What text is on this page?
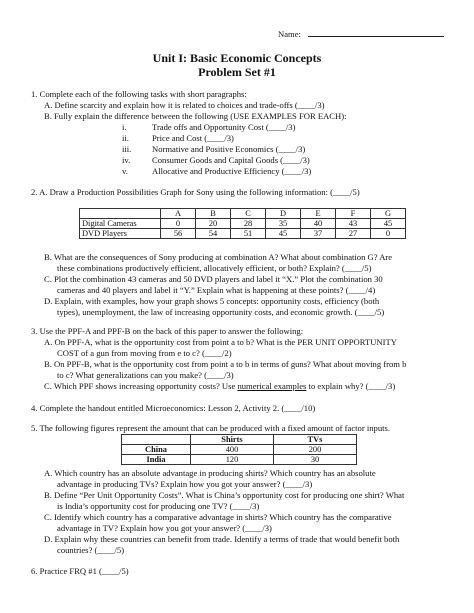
Name:
Unit I: Basic Economic Concepts
Problem Set #1
1. Complete each of the following tasks with short paragraphs:
A. Define scarcity and explain how it is related to choices and trade-offs (____/3)
B. Fully explain the difference between the following (USE EXAMPLES FOR EACH):
i.	Trade offs and Opportunity Cost (____/3)
ii.	Price and Cost (____/3)
iii. Normative and Positive Economics (____/3)
iv.	Consumer Goods and Capital Goods (____/3)
v.	Allocative and Productive Efficiency (____/3)
2. A. Draw a Production Possibilities Graph for Sony using the following information: (____/5)
	A	B	C	D	E	F	G
Digital Cameras	0	20	28	35	40	43	45
DVD Players	56	54	51	45	37	27	0
B. What are the consequences of Sony producing at combination A? What about combination G? Are
these combinations productively efficient, allocatively efficient, or both? Explain? (____/5)
C. Plot the combination 43 cameras and 50 DVD players and label it “X.” Plot the combination 30
cameras and 40 players and label it “Y.” Explain what is happening at these points? (____/4)
D. Explain, with examples, how your graph shows 5 concepts: opportunity costs, efficiency (both
types), unemployment, the law of increasing opportunity costs, and economic growth. (____/5)
3. Use the PPF-A and PPF-B on the back of this paper to answer the following:
A. On PPF-A, what is the opportunity cost from point a to b? What is the PER UNIT OPPORTUNITY
COST of a gun from moving from e to c? (____/2)
B. On PPF-B, what is the opportunity cost from point a to b in terms of guns? What about moving from b
to c? What generalizations can you make? (____/3)
C. Which PPF shows increasing opportunity costs? Use numerical examples to explain why? (____/3)
4. Complete the handout entitled Microeconomics: Lesson 2, Activity 2. (____/10)
5. The following figures represent the amount that can be produced with a fixed amount of factor inputs.
	Shirts	TVs
China	400	200
India	120	30
A. Which country has an absolute advantage in producing shirts? Which country has an absolute
advantage in producing TVs? Explain how you got your answer? (____/3)
B. Define “Per Unit Opportunity Costs”. What is China’s opportunity cost for producing one shirt? What
is India’s opportunity cost for producing one TV? (____/3)
C. Identify which country has a comparative advantage in shirts? Which country has the comparative
advantage in TV? Explain how you got your answer? (____/3)
D. Explain why these countries can benefit from trade. Identify a terms of trade that would benefit both
countries? (____/5)
6. Practice FRQ #1 (____/5)
